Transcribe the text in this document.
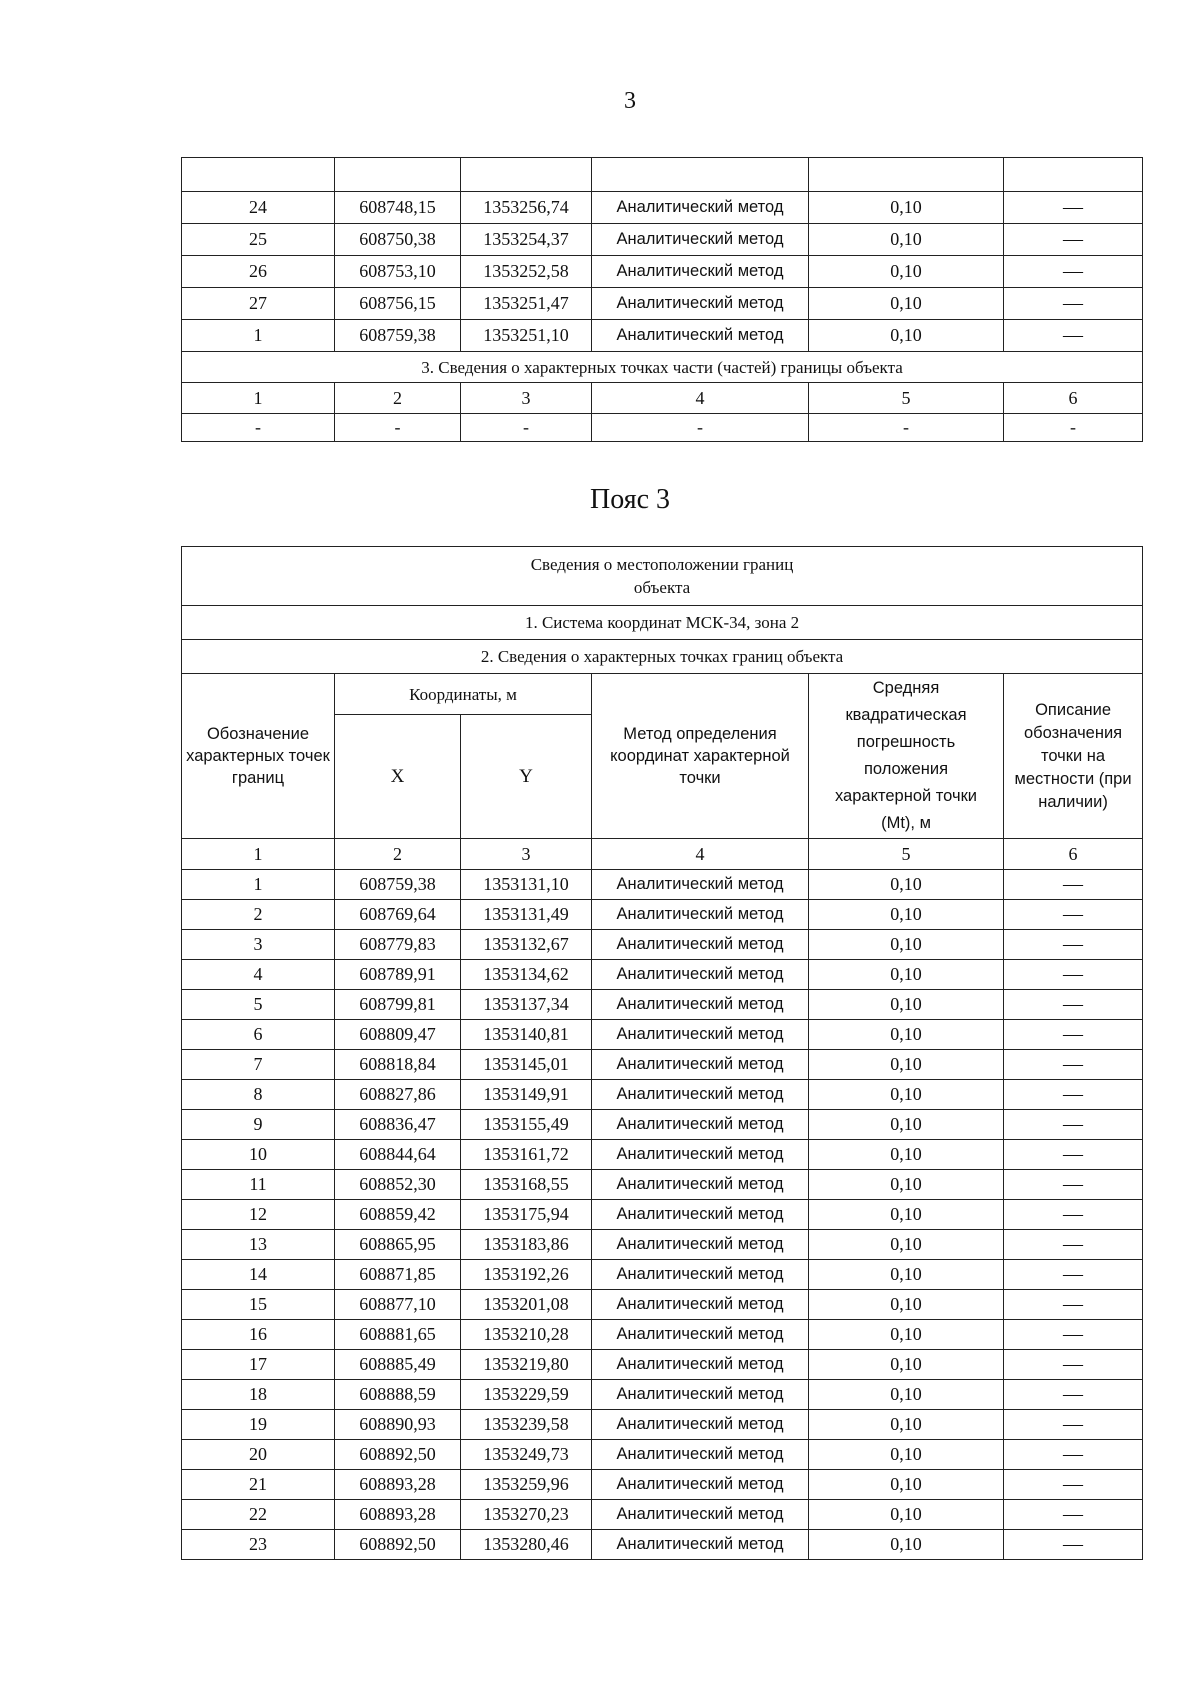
3

24	608748,15	1353256,74	Аналитический метод	0,10	—
25	608750,38	1353254,37	Аналитический метод	0,10	—
26	608753,10	1353252,58	Аналитический метод	0,10	—
27	608756,15	1353251,47	Аналитический метод	0,10	—
1	608759,38	1353251,10	Аналитический метод	0,10	—
3. Сведения о характерных точках части (частей) границы объекта					
1	2	3	4	5	6
-	-	-	-	-	-
Пояс 3
Сведения о местоположении границ объекта					
1. Система координат МСК-34, зона 2					
2. Сведения о характерных точках границ объекта					
Обозначение характерных точек границ	Координаты, м		Метод определения координат характерной точки	Средняя квадратическая погрешность положения характерной точки (Mt), м	Описание обозначения точки на местности (при наличии)
	X	Y			
1	2	3	4	5	6
1	608759,38	1353131,10	Аналитический метод	0,10	—
2	608769,64	1353131,49	Аналитический метод	0,10	—
3	608779,83	1353132,67	Аналитический метод	0,10	—
4	608789,91	1353134,62	Аналитический метод	0,10	—
5	608799,81	1353137,34	Аналитический метод	0,10	—
6	608809,47	1353140,81	Аналитический метод	0,10	—
7	608818,84	1353145,01	Аналитический метод	0,10	—
8	608827,86	1353149,91	Аналитический метод	0,10	—
9	608836,47	1353155,49	Аналитический метод	0,10	—
10	608844,64	1353161,72	Аналитический метод	0,10	—
11	608852,30	1353168,55	Аналитический метод	0,10	—
12	608859,42	1353175,94	Аналитический метод	0,10	—
13	608865,95	1353183,86	Аналитический метод	0,10	—
14	608871,85	1353192,26	Аналитический метод	0,10	—
15	608877,10	1353201,08	Аналитический метод	0,10	—
16	608881,65	1353210,28	Аналитический метод	0,10	—
17	608885,49	1353219,80	Аналитический метод	0,10	—
18	608888,59	1353229,59	Аналитический метод	0,10	—
19	608890,93	1353239,58	Аналитический метод	0,10	—
20	608892,50	1353249,73	Аналитический метод	0,10	—
21	608893,28	1353259,96	Аналитический метод	0,10	—
22	608893,28	1353270,23	Аналитический метод	0,10	—
23	608892,50	1353280,46	Аналитический метод	0,10	—
